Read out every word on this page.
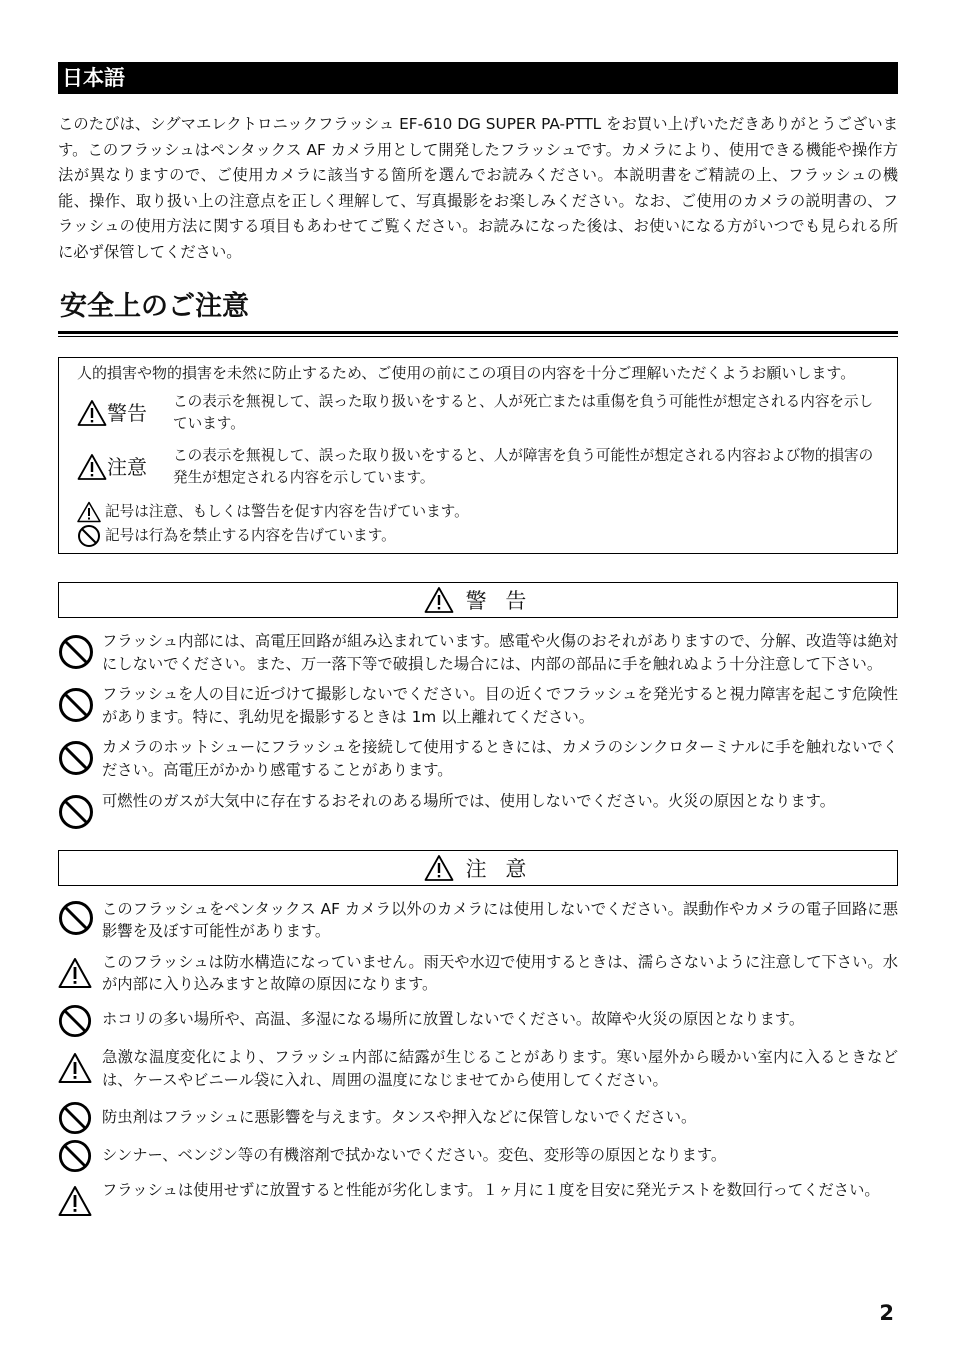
日本語
このたびは、シグマエレクトロニックフラッシュ EF-610 DG SUPER PA-PTTL をお買い上げいただきありがとうございます。このフラッシュはペンタックス AF カメラ用として開発したフラッシュです。カメラにより、使用できる機能や操作方法が異なりますので、ご使用カメラに該当する箇所を選んでお読みください。本説明書をご精読の上、フラッシュの機能、操作、取り扱い上の注意点を正しく理解して、写真撮影をお楽しみください。なお、ご使用のカメラの説明書の、フラッシュの使用方法に関する項目もあわせてご覧ください。お読みになった後は、お使いになる方がいつでも見られる所に必ず保管してください。
安全上のご注意
人的損害や物的損害を未然に防止するため、ご使用の前にこの項目の内容を十分ご理解いただくようお願いします。
警告 この表示を無視して、誤った取り扱いをすると、人が死亡または重傷を負う可能性が想定される内容を示しています。
注意 この表示を無視して、誤った取り扱いをすると、人が障害を負う可能性が想定される内容および物的損害の発生が想定される内容を示しています。
記号は注意、もしくは警告を促す内容を告げています。
記号は行為を禁止する内容を告げています。
警 告
フラッシュ内部には、高電圧回路が組み込まれています。感電や火傷のおそれがありますので、分解、改造等は絶対にしないでください。また、万一落下等で破損した場合には、内部の部品に手を触れぬよう十分注意して下さい。
フラッシュを人の目に近づけて撮影しないでください。目の近くでフラッシュを発光すると視力障害を起こす危険性があります。特に、乳幼児を撮影するときは 1m 以上離れてください。
カメラのホットシューにフラッシュを接続して使用するときには、カメラのシンクロターミナルに手を触れないでください。高電圧がかかり感電することがあります。
可燃性のガスが大気中に存在するおそれのある場所では、使用しないでください。火災の原因となります。
注 意
このフラッシュをペンタックス AF カメラ以外のカメラには使用しないでください。誤動作やカメラの電子回路に悪影響を及ぼす可能性があります。
このフラッシュは防水構造になっていません。雨天や水辺で使用するときは、濡らさないように注意して下さい。水が内部に入り込みますと故障の原因になります。
ホコリの多い場所や、高温、多湿になる場所に放置しないでください。故障や火災の原因となります。
急激な温度変化により、フラッシュ内部に結露が生じることがあります。寒い屋外から暖かい室内に入るときなどは、ケースやビニール袋に入れ、周囲の温度になじませてから使用してください。
防虫剤はフラッシュに悪影響を与えます。タンスや押入などに保管しないでください。
シンナー、ベンジン等の有機溶剤で拭かないでください。変色、変形等の原因となります。
フラッシュは使用せずに放置すると性能が劣化します。１ヶ月に１度を目安に発光テストを数回行ってください。
2
